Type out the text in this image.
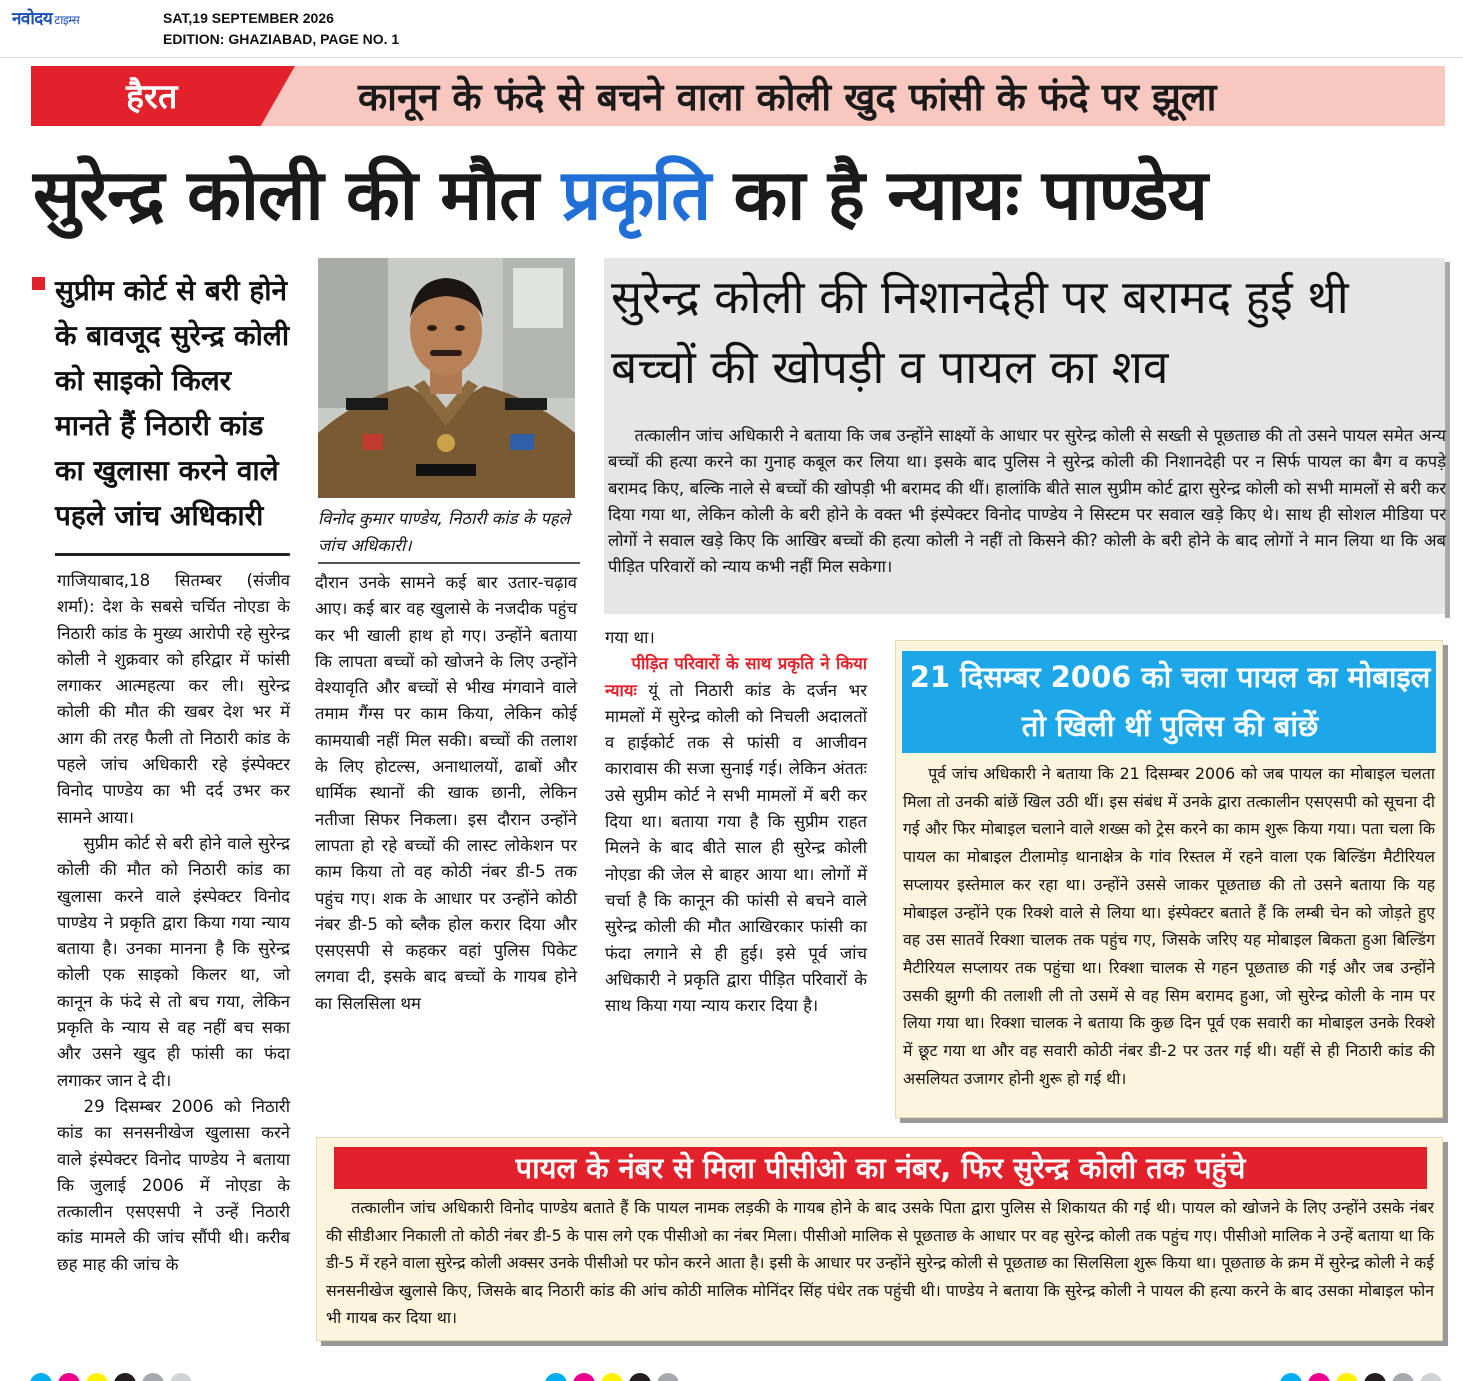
नवोदय टाइम्स	SAT,19 SEPTEMBER 2026
EDITION: GHAZIABAD, PAGE NO. 1
हैरत	कानून के फंदे से बचने वाला कोली खुद फांसी के फंदे पर झूला
सुरेन्द्र कोली की मौत प्रकृति का है न्यायः पाण्डेय
सुप्रीम कोर्ट से बरी होने के बावजूद सुरेन्द्र कोली को साइको किलर मानते हैं निठारी कांड का खुलासा करने वाले पहले जांच अधिकारी

गाजियाबाद,18 सितम्बर (संजीव शर्मा): देश के सबसे चर्चित नोएडा के निठारी कांड के मुख्य आरोपी रहे सुरेन्द्र कोली ने शुक्रवार को हरिद्वार में फांसी लगाकर आत्महत्या कर ली। सुरेन्द्र कोली की मौत की खबर देश भर में आग की तरह फैली तो निठारी कांड के पहले जांच अधिकारी रहे इंस्पेक्टर विनोद पाण्डेय का भी दर्द उभर कर सामने आया।

सुप्रीम कोर्ट से बरी होने वाले सुरेन्द्र कोली की मौत को निठारी कांड का खुलासा करने वाले इंस्पेक्टर विनोद पाण्डेय ने प्रकृति द्वारा किया गया न्याय बताया है। उनका मानना है कि सुरेन्द्र कोली एक साइको किलर था, जो कानून के फंदे से तो बच गया, लेकिन प्रकृति के न्याय से वह नहीं बच सका और उसने खुद ही फांसी का फंदा लगाकर जान दे दी।

29 दिसम्बर 2006 को निठारी कांड का सनसनीखेज खुलासा करने वाले इंस्पेक्टर विनोद पाण्डेय ने बताया कि जुलाई 2006 में नोएडा के तत्कालीन एसएसपी ने उन्हें निठारी कांड मामले की जांच सौंपी थी। करीब छह माह की जांच के

विनोद कुमार पाण्डेय, निठारी कांड के पहले जांच अधिकारी।

दौरान उनके सामने कई बार उतार-चढ़ाव आए। कई बार वह खुलासे के नजदीक पहुंच कर भी खाली हाथ हो गए। उन्होंने बताया कि लापता बच्चों को खोजने के लिए उन्होंने वेश्यावृति और बच्चों से भीख मंगवाने वाले तमाम गैंग्स पर काम किया, लेकिन कोई कामयाबी नहीं मिल सकी। बच्चों की तलाश के लिए होटल्स, अनाथालयों, ढाबों और धार्मिक स्थानों की खाक छानी, लेकिन नतीजा सिफर निकला। इस दौरान उन्होंने लापता हो रहे बच्चों की लास्ट लोकेशन पर काम किया तो वह कोठी नंबर डी-5 तक पहुंच गए। शक के आधार पर उन्होंने कोठी नंबर डी-5 को ब्लैक होल करार दिया और एसएसपी से कहकर वहां पुलिस पिकेट लगवा दी, इसके बाद बच्चों के गायब होने का सिलसिला थम

सुरेन्द्र कोली की निशानदेही पर बरामद हुई थी बच्चों की खोपड़ी व पायल का शव

तत्कालीन जांच अधिकारी ने बताया कि जब उन्होंने साक्ष्यों के आधार पर सुरेन्द्र कोली से सख्ती से पूछताछ की तो उसने पायल समेत अन्य बच्चों की हत्या करने का गुनाह कबूल कर लिया था। इसके बाद पुलिस ने सुरेन्द्र कोली की निशानदेही पर न सिर्फ पायल का बैग व कपड़े बरामद किए, बल्कि नाले से बच्चों की खोपड़ी भी बरामद की थीं। हालांकि बीते साल सुप्रीम कोर्ट द्वारा सुरेन्द्र कोली को सभी मामलों से बरी कर दिया गया था, लेकिन कोली के बरी होने के वक्त भी इंस्पेक्टर विनोद पाण्डेय ने सिस्टम पर सवाल खड़े किए थे। साथ ही सोशल मीडिया पर लोगों ने सवाल खड़े किए कि आखिर बच्चों की हत्या कोली ने नहीं तो किसने की? कोली के बरी होने के बाद लोगों ने मान लिया था कि अब पीड़ित परिवारों को न्याय कभी नहीं मिल सकेगा।

गया था।

पीड़ित परिवारों के साथ प्रकृति ने किया न्यायः यूं तो निठारी कांड के दर्जन भर मामलों में सुरेन्द्र कोली को निचली अदालतों व हाईकोर्ट तक से फांसी व आजीवन कारावास की सजा सुनाई गई। लेकिन अंततः उसे सुप्रीम कोर्ट ने सभी मामलों में बरी कर दिया था। बताया गया है कि सुप्रीम राहत मिलने के बाद बीते साल ही सुरेन्द्र कोली नोएडा की जेल से बाहर आया था। लोगों में चर्चा है कि कानून की फांसी से बचने वाले सुरेन्द्र कोली की मौत आखिरकार फांसी का फंदा लगाने से ही हुई। इसे पूर्व जांच अधिकारी ने प्रकृति द्वारा पीड़ित परिवारों के साथ किया गया न्याय करार दिया है।

21 दिसम्बर 2006 को चला पायल का मोबाइल तो खिली थीं पुलिस की बांछें

पूर्व जांच अधिकारी ने बताया कि 21 दिसम्बर 2006 को जब पायल का मोबाइल चलता मिला तो उनकी बांछें खिल उठी थीं। इस संबंध में उनके द्वारा तत्कालीन एसएसपी को सूचना दी गई और फिर मोबाइल चलाने वाले शख्स को ट्रेस करने का काम शुरू किया गया। पता चला कि पायल का मोबाइल टीलामोड़ थानाक्षेत्र के गांव रिस्तल में रहने वाला एक बिल्डिंग मैटीरियल सप्लायर इस्तेमाल कर रहा था। उन्होंने उससे जाकर पूछताछ की तो उसने बताया कि यह मोबाइल उन्होंने एक रिक्शे वाले से लिया था। इंस्पेक्टर बताते हैं कि लम्बी चेन को जोड़ते हुए वह उस सातवें रिक्शा चालक तक पहुंच गए, जिसके जरिए यह मोबाइल बिकता हुआ बिल्डिंग मैटीरियल सप्लायर तक पहुंचा था। रिक्शा चालक से गहन पूछताछ की गई और जब उन्होंने उसकी झुग्गी की तलाशी ली तो उसमें से वह सिम बरामद हुआ, जो सुरेन्द्र कोली के नाम पर लिया गया था। रिक्शा चालक ने बताया कि कुछ दिन पूर्व एक सवारी का मोबाइल उनके रिक्शे में छूट गया था और वह सवारी कोठी नंबर डी-2 पर उतर गई थी। यहीं से ही निठारी कांड की असलियत उजागर होनी शुरू हो गई थी।

पायल के नंबर से मिला पीसीओ का नंबर, फिर सुरेन्द्र कोली तक पहुंचे

तत्कालीन जांच अधिकारी विनोद पाण्डेय बताते हैं कि पायल नामक लड़की के गायब होने के बाद उसके पिता द्वारा पुलिस से शिकायत की गई थी। पायल को खोजने के लिए उन्होंने उसके नंबर की सीडीआर निकाली तो कोठी नंबर डी-5 के पास लगे एक पीसीओ का नंबर मिला। पीसीओ मालिक से पूछताछ के आधार पर वह सुरेन्द्र कोली तक पहुंच गए। पीसीओ मालिक ने उन्हें बताया था कि डी-5 में रहने वाला सुरेन्द्र कोली अक्सर उनके पीसीओ पर फोन करने आता है। इसी के आधार पर उन्होंने सुरेन्द्र कोली से पूछताछ का सिलसिला शुरू किया था। पूछताछ के क्रम में सुरेन्द्र कोली ने कई सनसनीखेज खुलासे किए, जिसके बाद निठारी कांड की आंच कोठी मालिक मोनिंदर सिंह पंधेर तक पहुंची थी। पाण्डेय ने बताया कि सुरेन्द्र कोली ने पायल की हत्या करने के बाद उसका मोबाइल फोन भी गायब कर दिया था।
